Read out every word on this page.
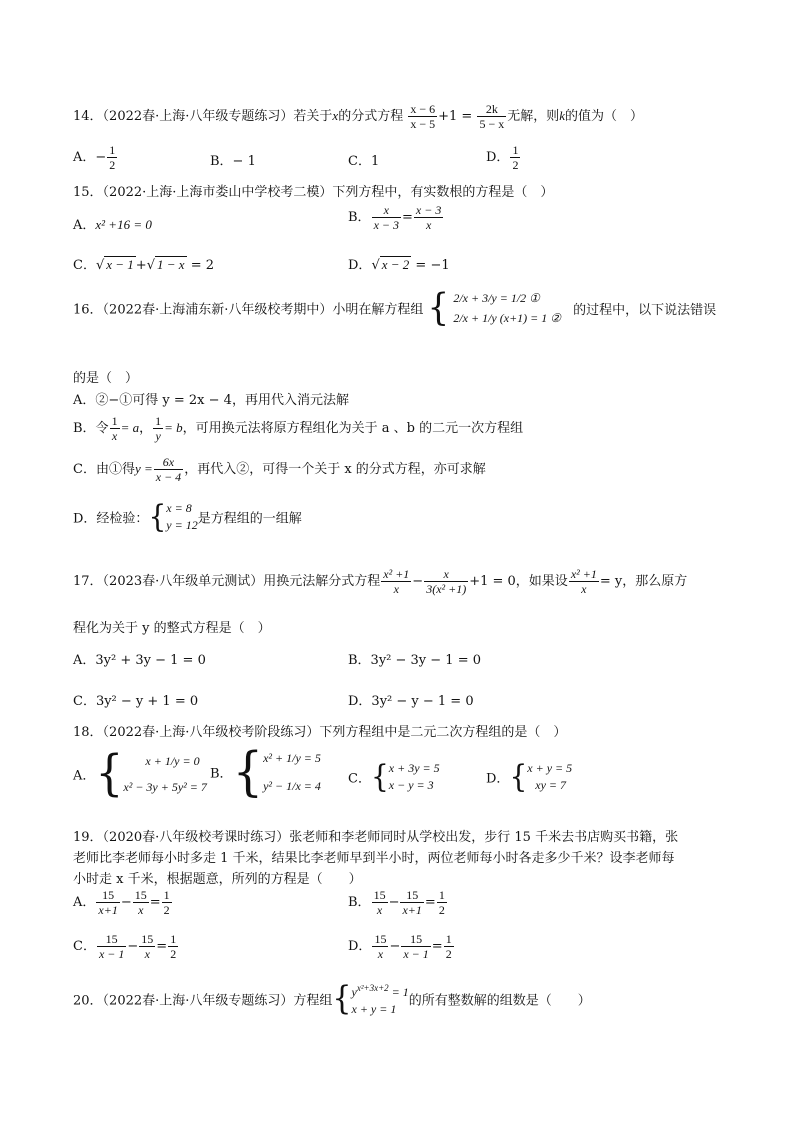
14．（2022春·上海·八年级专题练习）若关于x的分式方程 $\frac{x - 6}{x - 5} +1 = \frac{2k}{5 - x}$ 无解，则k的值为（　）
A．− $\frac{1}{2}$	B．− 1	C．1	D． $\frac{1}{2}$
15．（2022·上海·上海市娄山中学校考二模）下列方程中，有实数根的方程是（　）
A．x² +16 = 0	B． $\frac{x}{x - 3} = \frac{x - 3}{x}$
C．√ x − 1 +√ 1 − x = 2	D．√ x − 2 = −1
16．（2022春·上海浦东新·八年级校考期中）小明在解方程组 { 2/x + 3/y = 1/2 ①
2/x + 1/y (x+1) = 1 ②
的过程中，以下说法错误
的是（　）
A．②−①可得 y = 2x − 4，再用代入消元法解
B．令 $\frac{1}{x} = a$， $\frac{1}{y} = b$，可用换元法将原方程组化为关于 a 、b 的二元一次方程组
C．由①得$y = \frac{6x}{x - 4}$ ，再代入②，可得一个关于 x 的分式方程，亦可求解
D．经检验：{ x = 8
y = 12 是方程组的一组解
17．（2023春·八年级单元测试）用换元法解分式方程 $\frac{\text{x² +1}}{x} - \frac{x}{\text{3(x² +1)}} +1 = 0$，如果设 $\frac{\text{x² +1}}{x} = y$，那么原方
程化为关于 y 的整式方程是（　）
A．3y² + 3y − 1 = 0	B．3y² − 3y − 1 = 0
C．3y² − y + 1 = 0	D．3y² − y − 1 = 0
18．（2022春·上海·八年级校考阶段练习）下列方程组中是二元二次方程组的是（　）
A．{	x + 1/y = 0
x² − 3y + 5y² = 7
B．{ x² + 1/y = 5
y² − 1/x = 4 C．{ x + 3y = 5
x − y = 3	D．{ x + y = 5
xy = 7
19．（2020春·八年级校考课时练习）张老师和李老师同时从学校出发，步行 15 千米去书店购买书籍，张
老师比李老师每小时多走 1 千米，结果比李老师早到半小时，两位老师每小时各走多少千米？设李老师每
小时走 x 千米，根据题意，所列的方程是（　　）
A． $\frac{15}{x+1} - \frac{15}{x} = \frac{1}{2}$	B． $\frac{15}{x} - \frac{15}{x+1} = \frac{1}{2}$
C． $\frac{15}{x - 1} - \frac{15}{x} = \frac{1}{2}$	D． $\frac{15}{x} - \frac{15}{x - 1} = \frac{1}{2}$
20．（2022春·上海·八年级专题练习）方程组{ $y^{x^2+3x+2} = 1$
x + y = 1
的所有整数解的组数是（　　）
